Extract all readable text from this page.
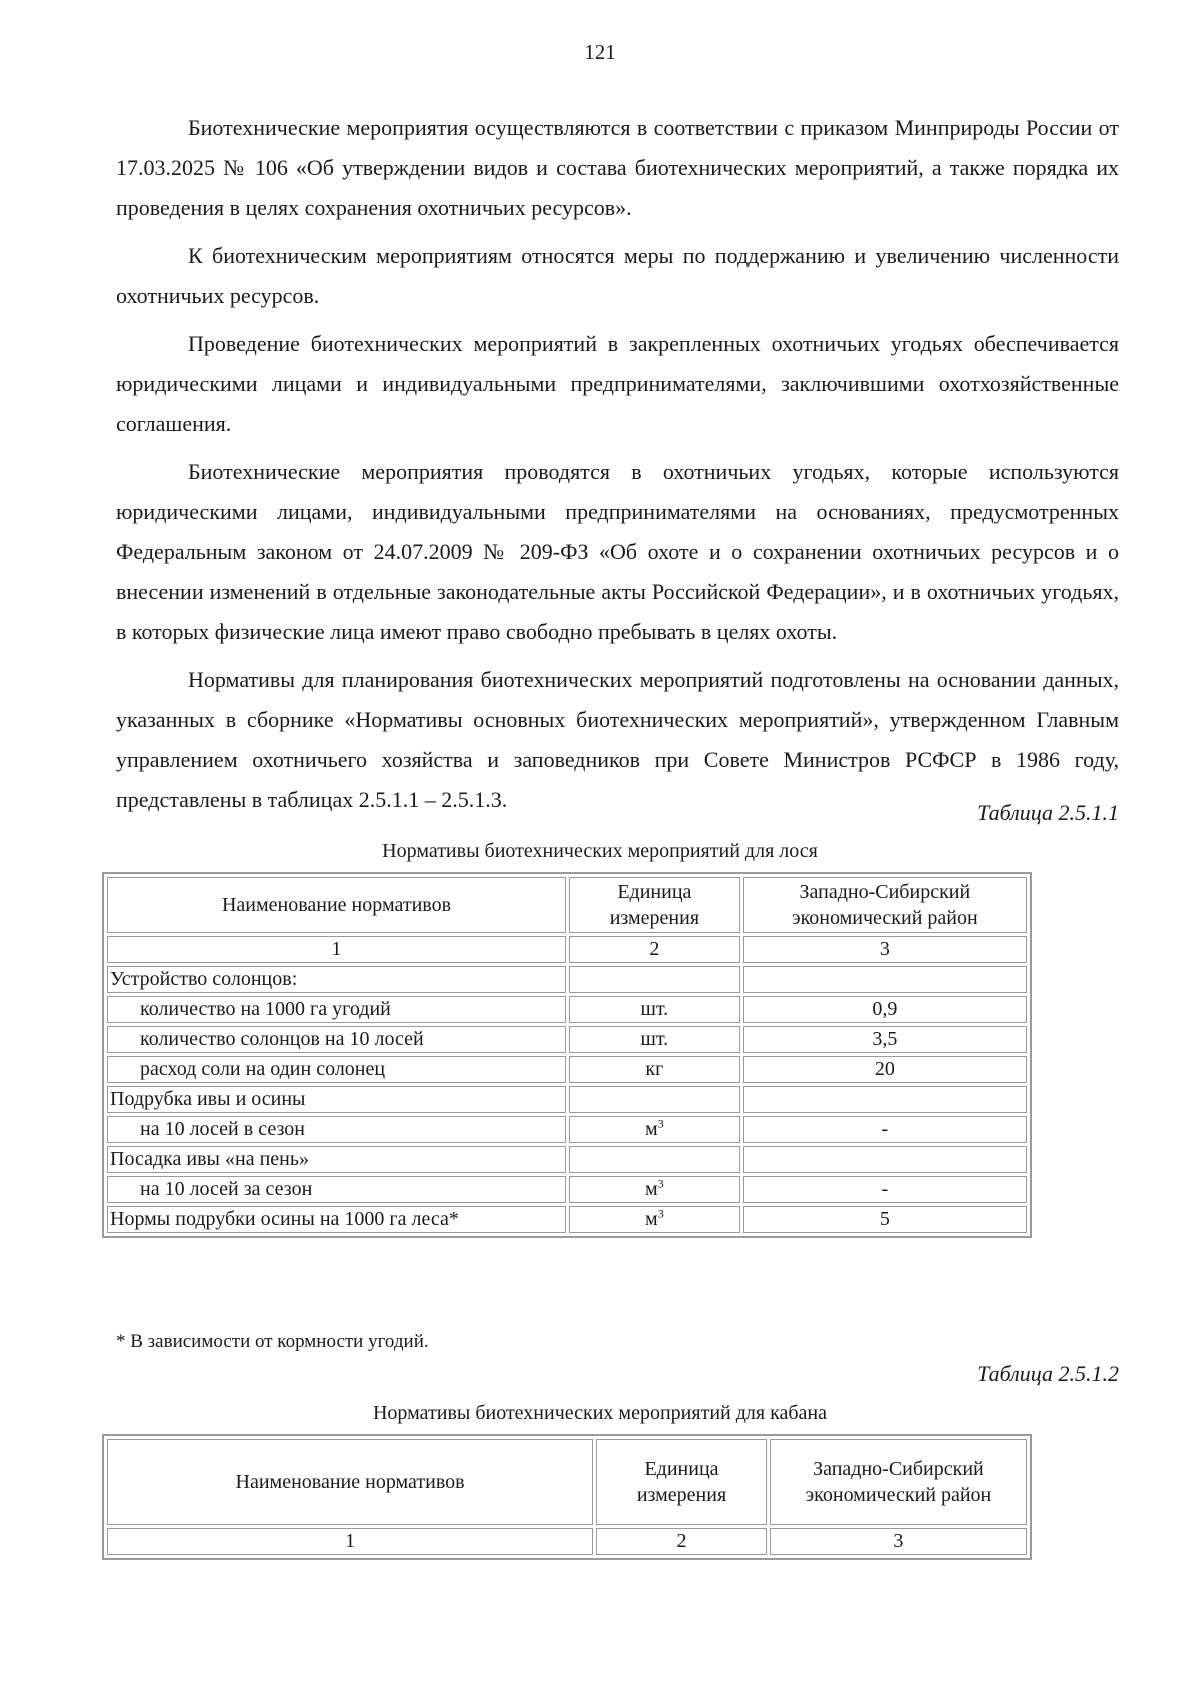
121

Биотехнические мероприятия осуществляются в соответствии с приказом Минприроды России от 17.03.2025 № 106 «Об утверждении видов и состава биотехнических мероприятий, а также порядка их проведения в целях сохранения охотничьих ресурсов».

К биотехническим мероприятиям относятся меры по поддержанию и увеличению численности охотничьих ресурсов.

Проведение биотехнических мероприятий в закрепленных охотничьих угодьях обеспечивается юридическими лицами и индивидуальными предпринимателями, заключившими охотхозяйственные соглашения.

Биотехнические мероприятия проводятся в охотничьих угодьях, которые используются юридическими лицами, индивидуальными предпринимателями на основаниях, предусмотренных Федеральным законом от 24.07.2009 № 209-ФЗ «Об охоте и о сохранении охотничьих ресурсов и о внесении изменений в отдельные законодательные акты Российской Федерации», и в охотничьих угодьях, в которых физические лица имеют право свободно пребывать в целях охоты.

Нормативы для планирования биотехнических мероприятий подготовлены на основании данных, указанных в сборнике «Нормативы основных биотехнических мероприятий», утвержденном Главным управлением охотничьего хозяйства и заповедников при Совете Министров РСФСР в 1986 году, представлены в таблицах 2.5.1.1 – 2.5.1.3.

Таблица 2.5.1.1
Нормативы биотехнических мероприятий для лося
Наименование нормативов	Единица измерения	Западно-Сибирский экономический район
1	2	3
Устройство солонцов:		
количество на 1000 га угодий	шт.	0,9
количество солонцов на 10 лосей	шт.	3,5
расход соли на один солонец	кг	20
Подрубка ивы и осины		
на 10 лосей в сезон	$м^3$	-
Посадка ивы «на пень»		
на 10 лосей за сезон	$м^3$	-
Нормы подрубки осины на 1000 га леса*	$м^3$	5
* В зависимости от кормности угодий.
Таблица 2.5.1.2
Нормативы биотехнических мероприятий для кабана
Наименование нормативов	Единица измерения	Западно-Сибирский экономический район
1	2	3
